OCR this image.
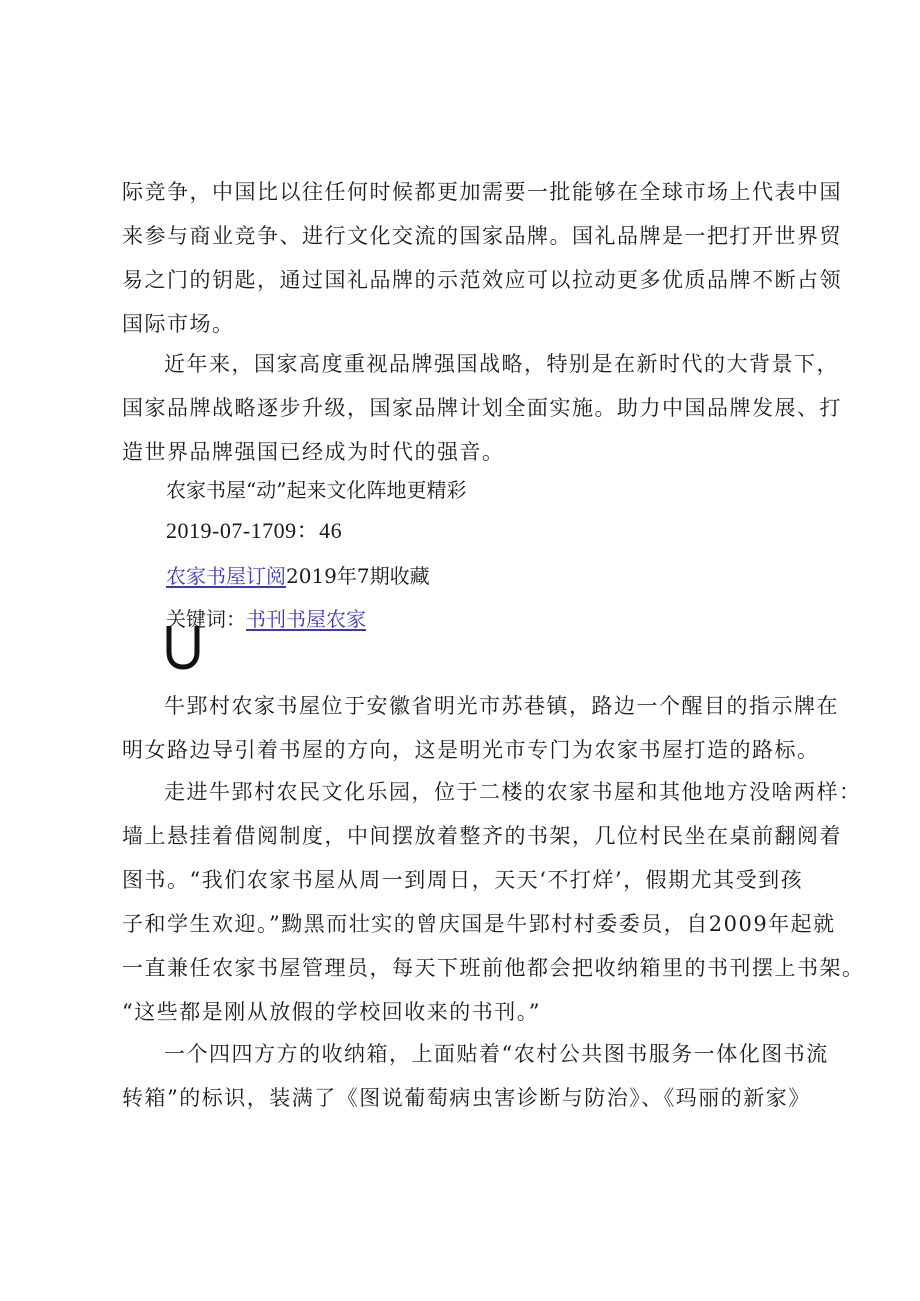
际竞争，中国比以往任何时候都更加需要一批能够在全球市场上代表中国
来参与商业竞争、进行文化交流的国家品牌。国礼品牌是一把打开世界贸
易之门的钥匙，通过国礼品牌的示范效应可以拉动更多优质品牌不断占领
国际市场。
近年来，国家高度重视品牌强国战略，特别是在新时代的大背景下，
国家品牌战略逐步升级，国家品牌计划全面实施。助力中国品牌发展、打
造世界品牌强国已经成为时代的强音。
农家书屋“动”起来文化阵地更精彩
2019-07-1709：46
农家书屋订阅2019年7期收藏
关键词：书刊书屋农家
牛郢村农家书屋位于安徽省明光市苏巷镇，路边一个醒目的指示牌在
明女路边导引着书屋的方向，这是明光市专门为农家书屋打造的路标。
走进牛郢村农民文化乐园，位于二楼的农家书屋和其他地方没啥两样：
墙上悬挂着借阅制度，中间摆放着整齐的书架，几位村民坐在桌前翻阅着
图书。“我们农家书屋从周一到周日，天天‘不打烊’，假期尤其受到孩
子和学生欢迎。”黝黑而壮实的曾庆国是牛郢村村委委员，自2009年起就
一直兼任农家书屋管理员，每天下班前他都会把收纳箱里的书刊摆上书架。
“这些都是刚从放假的学校回收来的书刊。”
一个四四方方的收纳箱，上面贴着“农村公共图书服务一体化图书流
转箱”的标识，装满了《图说葡萄病虫害诊断与防治》、《玛丽的新家》
